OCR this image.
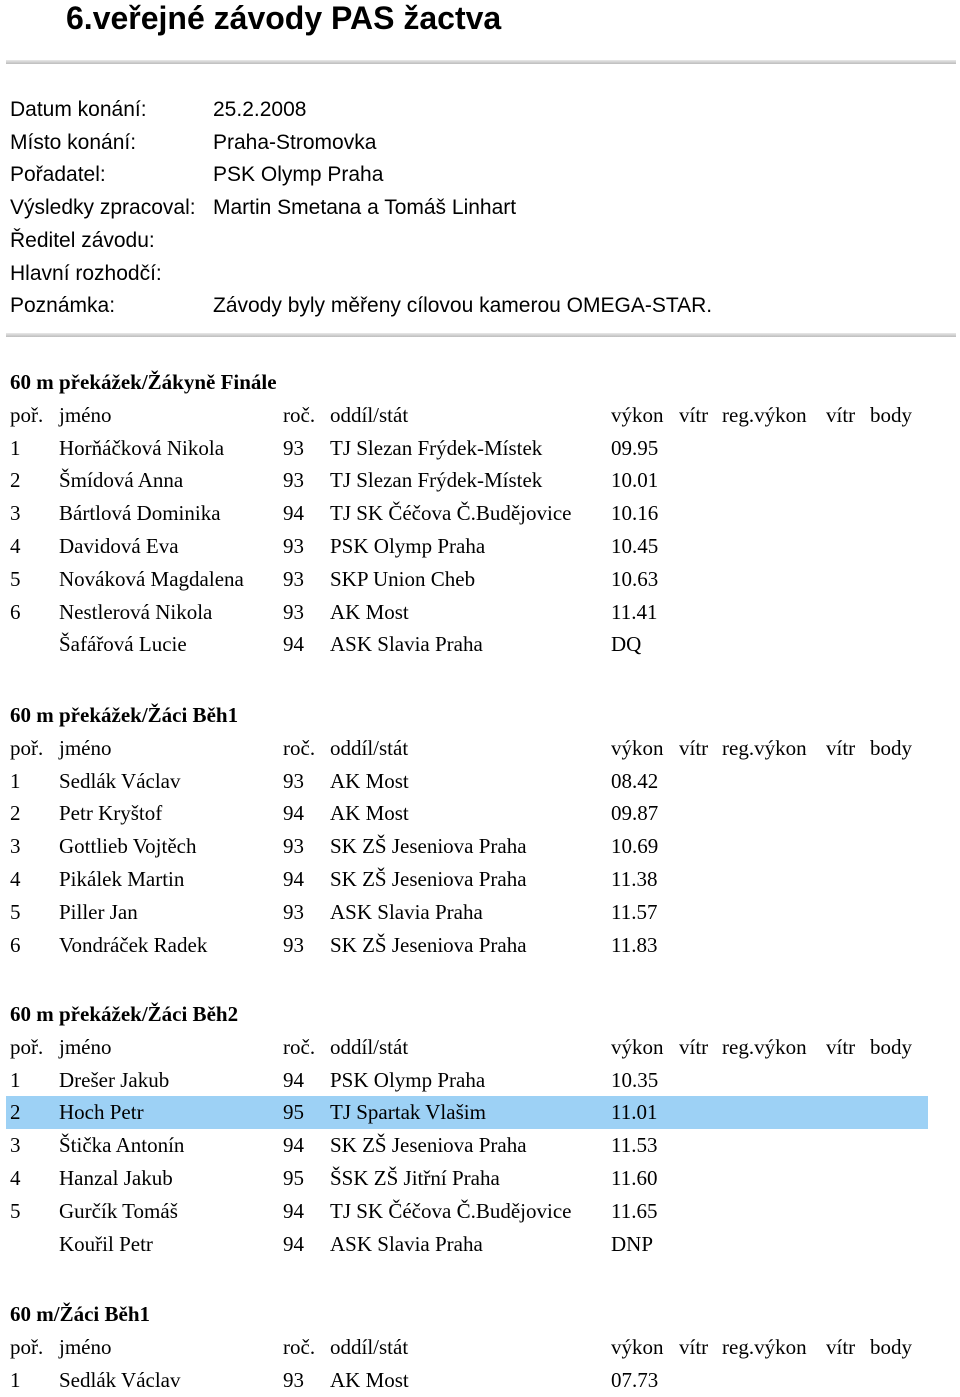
6.veřejné závody PAS žactva
Datum konání:	25.2.2008
Místo konání:	Praha-Stromovka
Pořadatel:	PSK Olymp Praha
Výsledky zpracoval: Martin Smetana a Tomáš Linhart
Ředitel závodu:
Hlavní rozhodčí:
Poznámka:	Závody byly měřeny cílovou kamerou OMEGA-STAR.
60 m překážek/Žákyně Finále
poř. jméno	roč. oddíl/stát	výkon vítr reg.výkon vítr body
1 Horňáčková Nikola	93 TJ Slezan Frýdek-Místek	09.95
2 Šmídová Anna	93 TJ Slezan Frýdek-Místek	10.01
3 Bártlová Dominika	94 TJ SK Čéčova Č.Budějovice 10.16
4 Davidová Eva	93 PSK Olymp Praha	10.45
5 Nováková Magdalena 93 SKP Union Cheb	10.63
6 Nestlerová Nikola	93 AK Most	11.41
Šafářová Lucie	94 ASK Slavia Praha	DQ
60 m překážek/Žáci Běh1
poř. jméno	roč. oddíl/stát	výkon vítr reg.výkon vítr body
1 Sedlák Václav	93 AK Most	08.42
2 Petr Kryštof	94 AK Most	09.87
3 Gottlieb Vojtěch	93 SK ZŠ Jeseniova Praha	10.69
4 Pikálek Martin	94 SK ZŠ Jeseniova Praha	11.38
5 Piller Jan	93 ASK Slavia Praha	11.57
6 Vondráček Radek	93 SK ZŠ Jeseniova Praha	11.83
60 m překážek/Žáci Běh2
poř. jméno	roč. oddíl/stát	výkon vítr reg.výkon vítr body
1 Drešer Jakub	94 PSK Olymp Praha	10.35
2 Hoch Petr	95 TJ Spartak Vlašim	11.01
3 Štička Antonín	94 SK ZŠ Jeseniova Praha	11.53
4 Hanzal Jakub	95 ŠSK ZŠ Jitřní Praha	11.60
5 Gurčík Tomáš	94 TJ SK Čéčova Č.Budějovice 11.65
Kouřil Petr	94 ASK Slavia Praha	DNP
60 m/Žáci Běh1
poř. jméno	roč. oddíl/stát	výkon vítr reg.výkon vítr body
1 Sedlák Václav	93 AK Most	07.73
